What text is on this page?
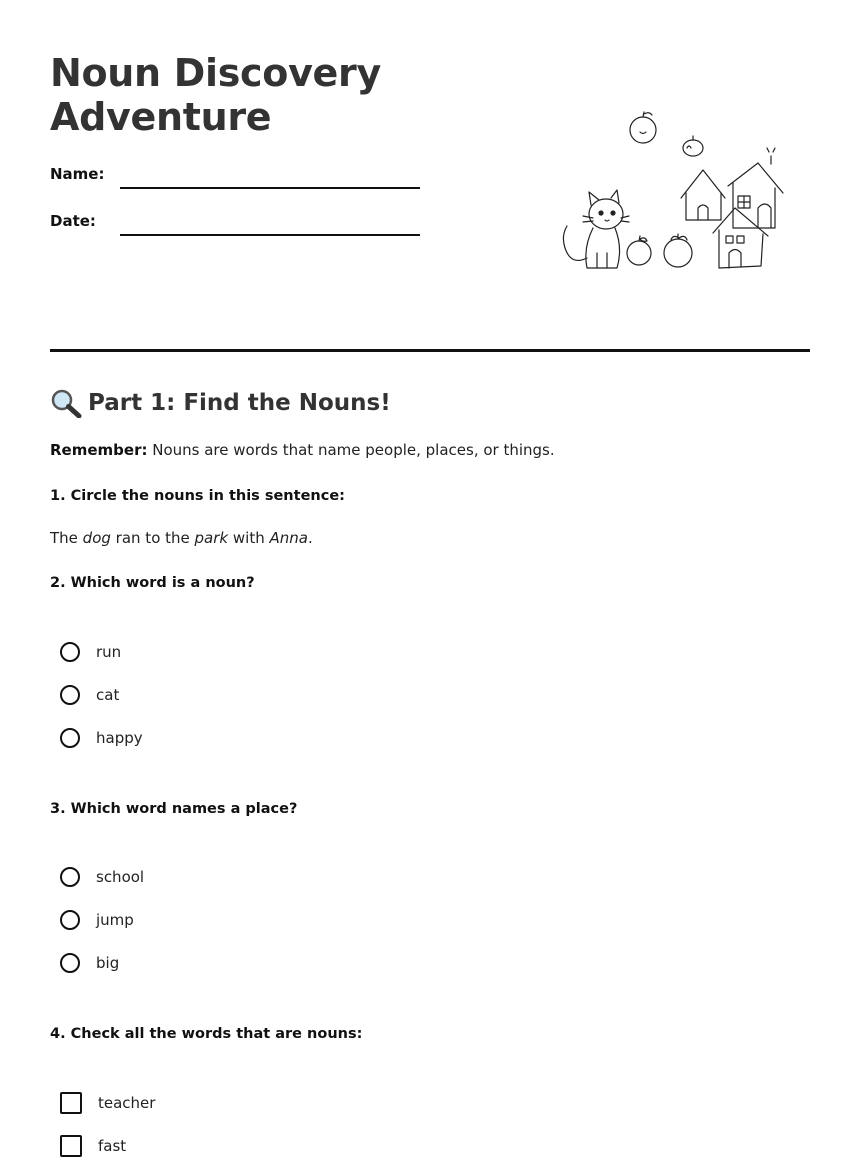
Noun Discovery
Adventure
Name:
Date:
Part 1: Find the Nouns!
Remember: Nouns are words that name people, places, or things.
1. Circle the nouns in this sentence:
The dog ran to the park with Anna.
2. Which word is a noun?
run
cat
happy
3. Which word names a place?
school
jump
big
4. Check all the words that are nouns:
teacher
fast
